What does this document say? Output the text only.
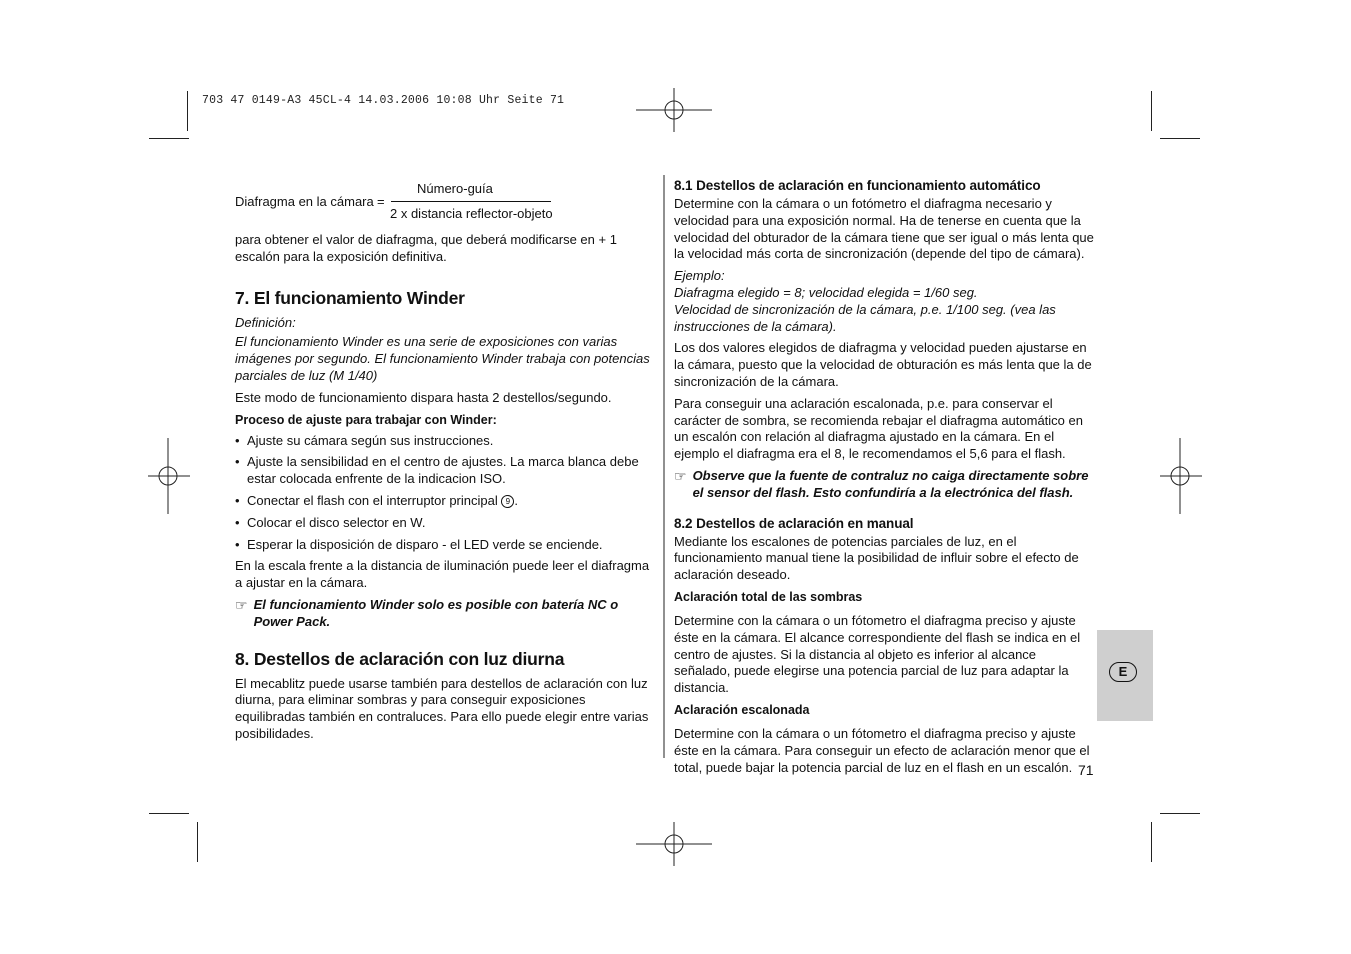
703 47 0149-A3 45CL-4 14.03.2006 10:08 Uhr Seite 71
Diafragma en la cámara =
Número-guía
2 x distancia reflector-objeto

para obtener el valor de diafragma, que deberá modificarse en + 1 escalón para la exposición definitiva.

7. El funcionamiento Winder

Definición:

El funcionamiento Winder es una serie de exposiciones con varias imágenes por segundo. El funcionamiento Winder trabaja con potencias parciales de luz (M 1/40)

Este modo de funcionamiento dispara hasta 2 destellos/segundo.

Proceso de ajuste para trabajar con Winder:

• Ajuste su cámara según sus instrucciones.
• Ajuste la sensibilidad en el centro de ajustes. La marca blanca debe estar colocada enfrente de la indicacion ISO.
• Conectar el flash con el interruptor principal 9 .
• Colocar el disco selector en W.
• Esperar la disposición de disparo - el LED verde se enciende.

En la escala frente a la distancia de iluminación puede leer el diafragma a ajustar en la cámara.

☞ El funcionamiento Winder solo es posible con batería NC o Power Pack.
8. Destellos de aclaración con luz diurna

El mecablitz puede usarse también para destellos de aclaración con luz diurna, para eliminar sombras y para conseguir exposiciones equilibradas también en contraluces. Para ello puede elegir entre varias posibilidades.

8.1 Destellos de aclaración en funcionamiento automático

Determine con la cámara o un fotómetro el diafragma necesario y velocidad para una exposición normal. Ha de tenerse en cuenta que la velocidad del obturador de la cámara tiene que ser igual o más lenta que la velocidad más corta de sincronización (depende del tipo de cámara).

Ejemplo:

Diafragma elegido = 8; velocidad elegida = 1/60 seg.

Velocidad de sincronización de la cámara, p.e. 1/100 seg. (vea las instrucciones de la cámara).

Los dos valores elegidos de diafragma y velocidad pueden ajustarse en la cámara, puesto que la velocidad de obturación es más lenta que la de sincronización de la cámara.

Para conseguir una aclaración escalonada, p.e. para conservar el carácter de sombra, se recomienda rebajar el diafragma automático en un escalón con relación al diafragma ajustado en la cámara. En el ejemplo el diafragma era el 8, le recomendamos el 5,6 para el flash.

☞ Observe que la fuente de contraluz no caiga directamente sobre el sensor del flash. Esto confundiría a la electrónica del flash.
8.2 Destellos de aclaración en manual

Mediante los escalones de potencias parciales de luz, en el funcionamiento manual tiene la posibilidad de influir sobre el efecto de aclaración deseado.

Aclaración total de las sombras

Determine con la cámara o un fótometro el diafragma preciso y ajuste éste en la cámara. El alcance correspondiente del flash se indica en el centro de ajustes. Si la distancia al objeto es inferior al alcance señalado, puede elegirse una potencia parcial de luz para adaptar la distancia.

Aclaración escalonada

Determine con la cámara o un fótometro el diafragma preciso y ajuste éste en la cámara. Para conseguir un efecto de aclaración menor que el total, puede bajar la potencia parcial de luz en el flash en un escalón.

E
71
